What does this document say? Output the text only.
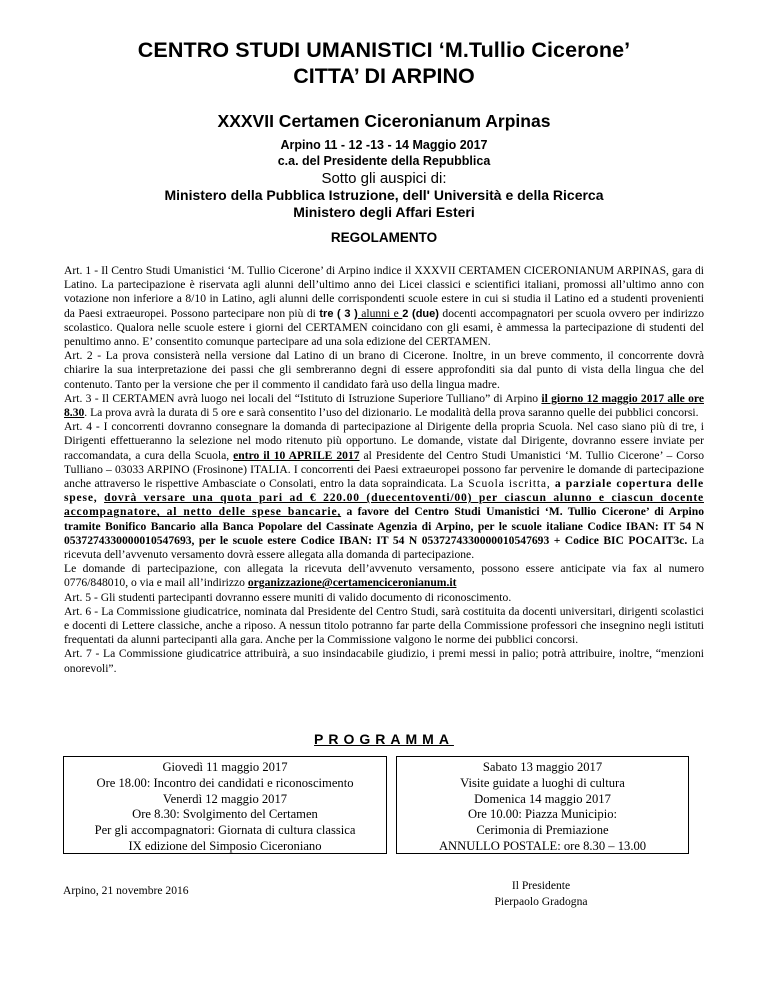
CENTRO STUDI UMANISTICI ‘M.Tullio Cicerone’
CITTA’ DI ARPINO
XXXVII Certamen Ciceronianum Arpinas
Arpino 11 - 12 -13 - 14 Maggio 2017
c.a. del Presidente della Repubblica
Sotto gli auspici di:
Ministero della Pubblica Istruzione, dell' Università e della Ricerca
Ministero degli Affari Esteri
REGOLAMENTO

Art. 1 - Il Centro Studi Umanistici ‘M. Tullio Cicerone’ di Arpino indice il XXXVII CERTAMEN CICERONIANUM ARPINAS, gara di Latino. La partecipazione è riservata agli alunni dell’ultimo anno dei Licei classici e scientifici italiani, promossi all’ultimo anno con votazione non inferiore a 8/10 in Latino, agli alunni delle corrispondenti scuole estere in cui si studia il Latino ed a studenti provenienti da Paesi extraeuropei. Possono partecipare non più di tre ( 3 ) alunni e 2 (due) docenti accompagnatori per scuola ovvero per indirizzo scolastico. Qualora nelle scuole estere i giorni del CERTAMEN coincidano con gli esami, è ammessa la partecipazione di studenti del penultimo anno. E’ consentito comunque partecipare ad una sola edizione del CERTAMEN.

Art. 2 - La prova consisterà nella versione dal Latino di un brano di Cicerone. Inoltre, in un breve commento, il concorrente dovrà chiarire la sua interpretazione dei passi che gli sembreranno degni di essere approfonditi sia dal punto di vista della lingua che del contenuto. Tanto per la versione che per il commento il candidato farà uso della lingua madre.

Art. 3 - Il CERTAMEN avrà luogo nei locali del “Istituto di Istruzione Superiore Tulliano” di Arpino il giorno 12 maggio 2017 alle ore 8.30. La prova avrà la durata di 5 ore e sarà consentito l’uso del dizionario. Le modalità della prova saranno quelle dei pubblici concorsi.

Art. 4 - I concorrenti dovranno consegnare la domanda di partecipazione al Dirigente della propria Scuola. Nel caso siano più di tre, i Dirigenti effettueranno la selezione nel modo ritenuto più opportuno. Le domande, vistate dal Dirigente, dovranno essere inviate per raccomandata, a cura della Scuola, entro il 10 APRILE 2017 al Presidente del Centro Studi Umanistici ‘M. Tullio Cicerone’ – Corso Tulliano – 03033 ARPINO (Frosinone) ITALIA. I concorrenti dei Paesi extraeuropei possono far pervenire le domande di partecipazione anche attraverso le rispettive Ambasciate o Consolati, entro la data sopraindicata. La Scuola iscritta, a parziale copertura delle spese, dovrà versare una quota pari ad € 220.00 (duecentoventi/00) per ciascun alunno e ciascun docente accompagnatore, al netto delle spese bancarie, a favore del Centro Studi Umanistici ‘M. Tullio Cicerone’ di Arpino tramite Bonifico Bancario alla Banca Popolare del Cassinate Agenzia di Arpino, per le scuole italiane Codice IBAN: IT 54 N 0537274330000010547693, per le scuole estere Codice IBAN: IT 54 N 0537274330000010547693 + Codice BIC POCAIT3c. La ricevuta dell’avvenuto versamento dovrà essere allegata alla domanda di partecipazione.

Le domande di partecipazione, con allegata la ricevuta dell’avvenuto versamento, possono essere anticipate via fax al numero 0776/848010, o via e mail all’indirizzo organizzazione@certamenciceronianum.it

Art. 5 - Gli studenti partecipanti dovranno essere muniti di valido documento di riconoscimento.

Art. 6 - La Commissione giudicatrice, nominata dal Presidente del Centro Studi, sarà costituita da docenti universitari, dirigenti scolastici e docenti di Lettere classiche, anche a riposo. A nessun titolo potranno far parte della Commissione professori che insegnino negli istituti frequentati da alunni partecipanti alla gara. Anche per la Commissione valgono le norme dei pubblici concorsi.

Art. 7 - La Commissione giudicatrice attribuirà, a suo insindacabile giudizio, i premi messi in palio; potrà attribuire, inoltre, “menzioni onorevoli”.

PROGRAMMA
Giovedì 11 maggio 2017
Ore 18.00: Incontro dei candidati e riconoscimento
Venerdì 12 maggio 2017
Ore 8.30: Svolgimento del Certamen
Per gli accompagnatori: Giornata di cultura classica
IX edizione del Simposio Ciceroniano
Sabato 13 maggio 2017
Visite guidate a luoghi di cultura
Domenica 14 maggio 2017
Ore 10.00: Piazza Municipio:
Cerimonia di Premiazione
ANNULLO POSTALE: ore 8.30 – 13.00
Arpino, 21 novembre 2016	Il Presidente
Pierpaolo Gradogna
